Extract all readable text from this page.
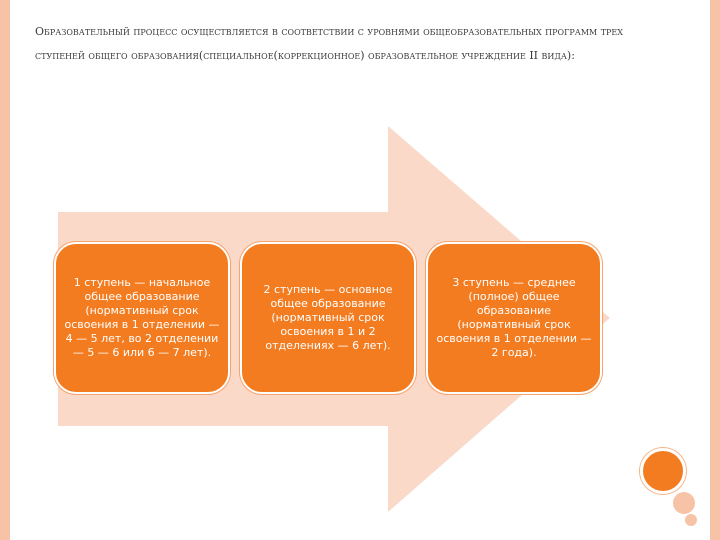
Образовательный процесс осуществляется в соответствии с уровнями общеобразовательных программ трех ступеней общего образования(специальное(коррекционное) образовательное учреждение II вида):
1 ступень — начальное общее образование (нормативный срок освоения в 1 отделении — 4 — 5 лет, во 2 отделении — 5 — 6 или 6 — 7 лет).
2 ступень — основное общее образование (нормативный срок освоения в 1 и 2 отделениях — 6 лет).
3 ступень — среднее (полное) общее образование (нормативный срок освоения в 1 отделении — 2 года).
